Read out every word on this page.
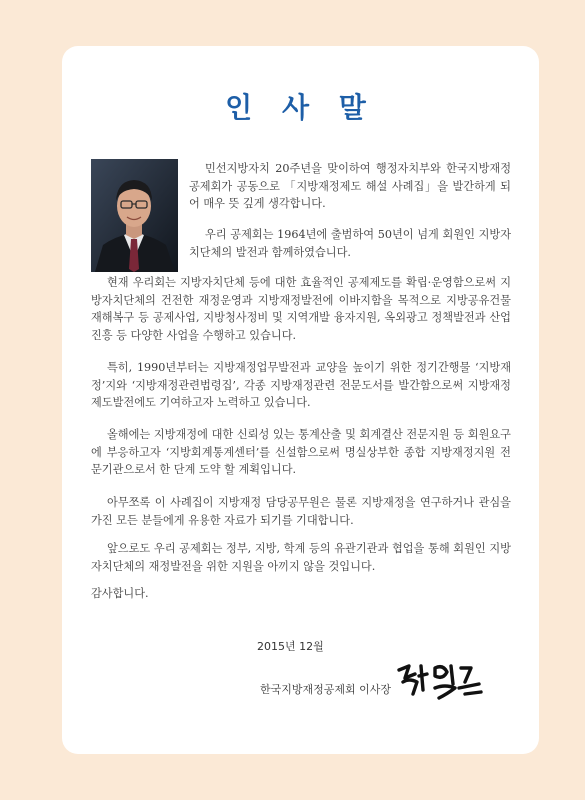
인 사 말

민선지방자치 20주년을 맞이하여 행정자치부와 한국지방재정공제회가 공동으로 「지방재정제도 해설 사례집」을 발간하게 되어 매우 뜻 깊게 생각합니다.

우리 공제회는 1964년에 출범하여 50년이 넘게 회원인 지방자치단체의 발전과 함께하였습니다.

현재 우리회는 지방자치단체 등에 대한 효율적인 공제제도를 확립·운영함으로써 지방자치단체의 건전한 재정운영과 지방재정발전에 이바지함을 목적으로 지방공유건물 재해복구 등 공제사업, 지방청사정비 및 지역개발 융자지원, 옥외광고 정책발전과 산업진흥 등 다양한 사업을 수행하고 있습니다.

특히, 1990년부터는 지방재정업무발전과 교양을 높이기 위한 정기간행물 ‘지방재정’지와 ‘지방재정관련법령집’, 각종 지방재정관련 전문도서를 발간함으로써 지방재정 제도발전에도 기여하고자 노력하고 있습니다.

올해에는 지방재정에 대한 신뢰성 있는 통계산출 및 회계결산 전문지원 등 회원요구에 부응하고자 ‘지방회계통계센터’를 신설함으로써 명실상부한 종합 지방재정지원 전문기관으로서 한 단계 도약 할 계획입니다.

아무쪼록 이 사례집이 지방재정 담당공무원은 물론 지방재정을 연구하거나 관심을 가진 모든 분들에게 유용한 자료가 되기를 기대합니다.

앞으로도 우리 공제회는 정부, 지방, 학계 등의 유관기관과 협업을 통해 회원인 지방자치단체의 재정발전을 위한 지원을 아끼지 않을 것입니다.

감사합니다.

2015년 12월
한국지방재정공제회 이사장
